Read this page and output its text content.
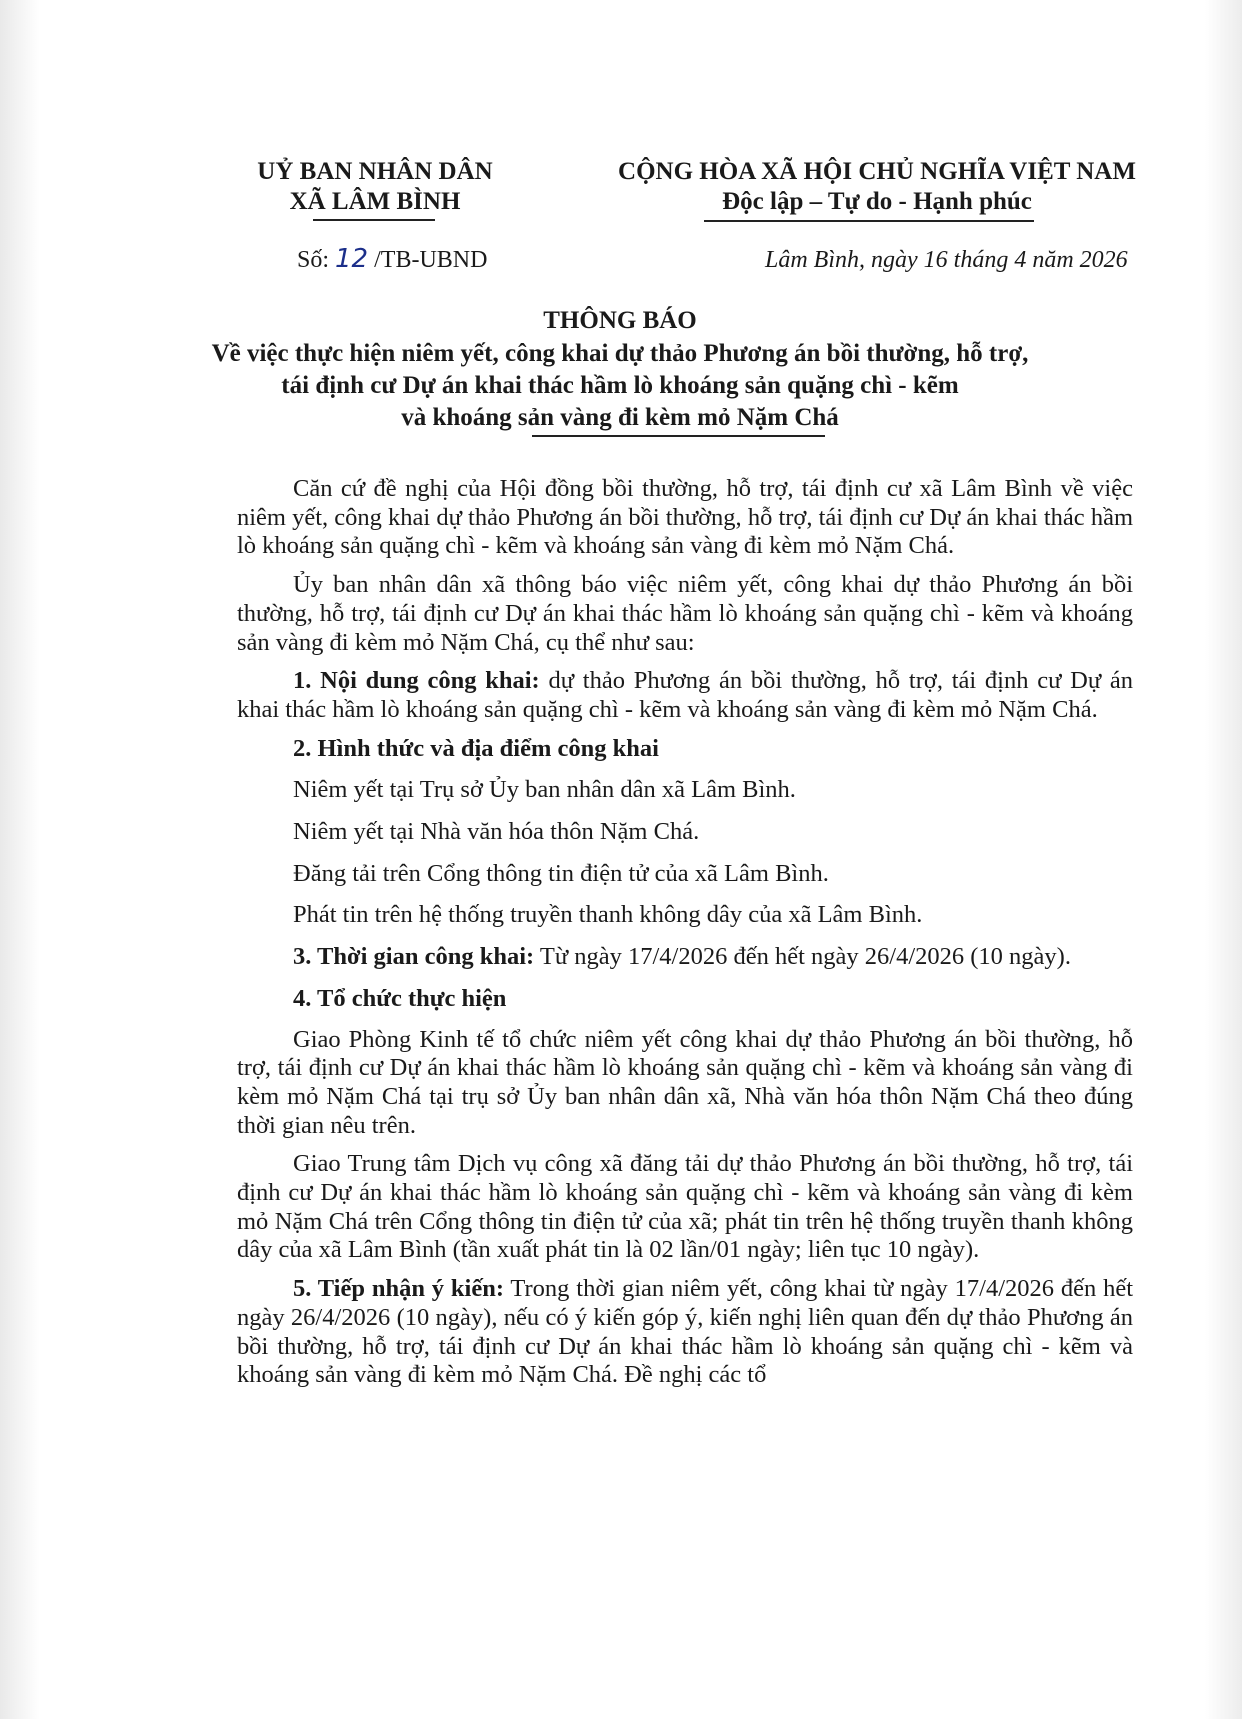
UỶ BAN NHÂN DÂN
XÃ LÂM BÌNH
CỘNG HÒA XÃ HỘI CHỦ NGHĨA VIỆT NAM
Độc lập – Tự do - Hạnh phúc
Số: 12 /TB-UBND	Lâm Bình, ngày 16 tháng 4 năm 2026
THÔNG BÁO
Về việc thực hiện niêm yết, công khai dự thảo Phương án bồi thường, hỗ trợ,
tái định cư Dự án khai thác hầm lò khoáng sản quặng chì - kẽm
và khoáng sản vàng đi kèm mỏ Nặm Chá

Căn cứ đề nghị của Hội đồng bồi thường, hỗ trợ, tái định cư xã Lâm Bình về việc niêm yết, công khai dự thảo Phương án bồi thường, hỗ trợ, tái định cư Dự án khai thác hầm lò khoáng sản quặng chì - kẽm và khoáng sản vàng đi kèm mỏ Nặm Chá.

Ủy ban nhân dân xã thông báo việc niêm yết, công khai dự thảo Phương án bồi thường, hỗ trợ, tái định cư Dự án khai thác hầm lò khoáng sản quặng chì - kẽm và khoáng sản vàng đi kèm mỏ Nặm Chá, cụ thể như sau:

1. Nội dung công khai: dự thảo Phương án bồi thường, hỗ trợ, tái định cư Dự án khai thác hầm lò khoáng sản quặng chì - kẽm và khoáng sản vàng đi kèm mỏ Nặm Chá.

2. Hình thức và địa điểm công khai

Niêm yết tại Trụ sở Ủy ban nhân dân xã Lâm Bình.

Niêm yết tại Nhà văn hóa thôn Nặm Chá.

Đăng tải trên Cổng thông tin điện tử của xã Lâm Bình.

Phát tin trên hệ thống truyền thanh không dây của xã Lâm Bình.

3. Thời gian công khai: Từ ngày 17/4/2026 đến hết ngày 26/4/2026 (10 ngày).

4. Tổ chức thực hiện

Giao Phòng Kinh tế tổ chức niêm yết công khai dự thảo Phương án bồi thường, hỗ trợ, tái định cư Dự án khai thác hầm lò khoáng sản quặng chì - kẽm và khoáng sản vàng đi kèm mỏ Nặm Chá tại trụ sở Ủy ban nhân dân xã, Nhà văn hóa thôn Nặm Chá theo đúng thời gian nêu trên.

Giao Trung tâm Dịch vụ công xã đăng tải dự thảo Phương án bồi thường, hỗ trợ, tái định cư Dự án khai thác hầm lò khoáng sản quặng chì - kẽm và khoáng sản vàng đi kèm mỏ Nặm Chá trên Cổng thông tin điện tử của xã; phát tin trên hệ thống truyền thanh không dây của xã Lâm Bình (tần xuất phát tin là 02 lần/01 ngày; liên tục 10 ngày).

5. Tiếp nhận ý kiến: Trong thời gian niêm yết, công khai từ ngày 17/4/2026 đến hết ngày 26/4/2026 (10 ngày), nếu có ý kiến góp ý, kiến nghị liên quan đến dự thảo Phương án bồi thường, hỗ trợ, tái định cư Dự án khai thác hầm lò khoáng sản quặng chì - kẽm và khoáng sản vàng đi kèm mỏ Nặm Chá. Đề nghị các tổ
